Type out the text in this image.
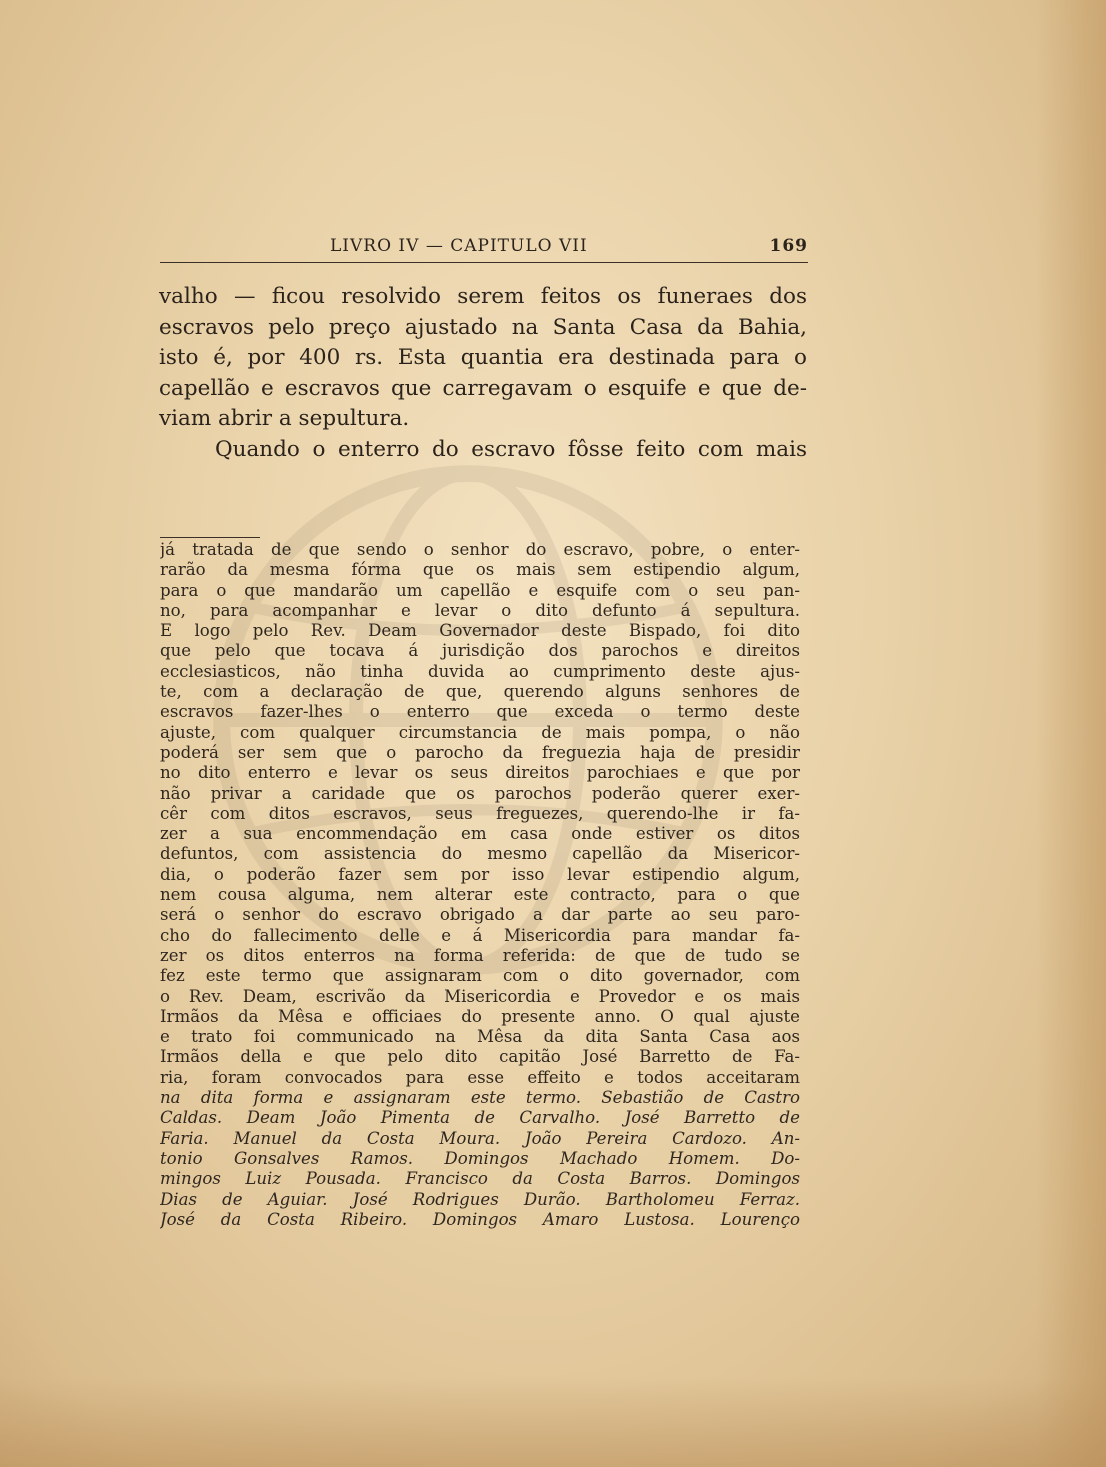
LIVRO IV — CAPITULO VII	169

valho — ficou resolvido serem feitos os funeraes dos

escravos pelo preço ajustado na Santa Casa da Bahia,

isto é, por 400 rs. Esta quantia era destinada para o

capellão e escravos que carregavam o esquife e que de-

viam abrir a sepultura.

Quando o enterro do escravo fôsse feito com mais

já tratada de que sendo o senhor do escravo, pobre, o enter-
rarão da mesma fórma que os mais sem estipendio algum,
para o que mandarão um capellão e esquife com o seu pan-
no, para acompanhar e levar o dito defunto á sepultura.
E logo pelo Rev. Deam Governador deste Bispado, foi dito
que pelo que tocava á jurisdição dos parochos e direitos
ecclesiasticos, não tinha duvida ao cumprimento deste ajus-
te, com a declaração de que, querendo alguns senhores de
escravos fazer-lhes o enterro que exceda o termo deste
ajuste, com qualquer circumstancia de mais pompa, o não
poderá ser sem que o parocho da freguezia haja de presidir
no dito enterro e levar os seus direitos parochiaes e que por
não privar a caridade que os parochos poderão querer exer-
cêr com ditos escravos, seus freguezes, querendo-lhe ir fa-
zer a sua encommendação em casa onde estiver os ditos
defuntos, com assistencia do mesmo capellão da Misericor-
dia, o poderão fazer sem por isso levar estipendio algum,
nem cousa alguma, nem alterar este contracto, para o que
será o senhor do escravo obrigado a dar parte ao seu paro-
cho do fallecimento delle e á Misericordia para mandar fa-
zer os ditos enterros na forma referida: de que de tudo se
fez este termo que assignaram com o dito governador, com
o Rev. Deam, escrivão da Misericordia e Provedor e os mais
Irmãos da Mêsa e officiaes do presente anno. O qual ajuste
e trato foi communicado na Mêsa da dita Santa Casa aos
Irmãos della e que pelo dito capitão José Barretto de Fa-
ria, foram convocados para esse effeito e todos acceitaram
na dita forma e assignaram este termo. Sebastião de Castro
Caldas. Deam João Pimenta de Carvalho. José Barretto de
Faria. Manuel da Costa Moura. João Pereira Cardozo. An-
tonio Gonsalves Ramos. Domingos Machado Homem. Do-
mingos Luiz Pousada. Francisco da Costa Barros. Domingos
Dias de Aguiar. José Rodrigues Durão. Bartholomeu Ferraz.
José da Costa Ribeiro. Domingos Amaro Lustosa. Lourenço
